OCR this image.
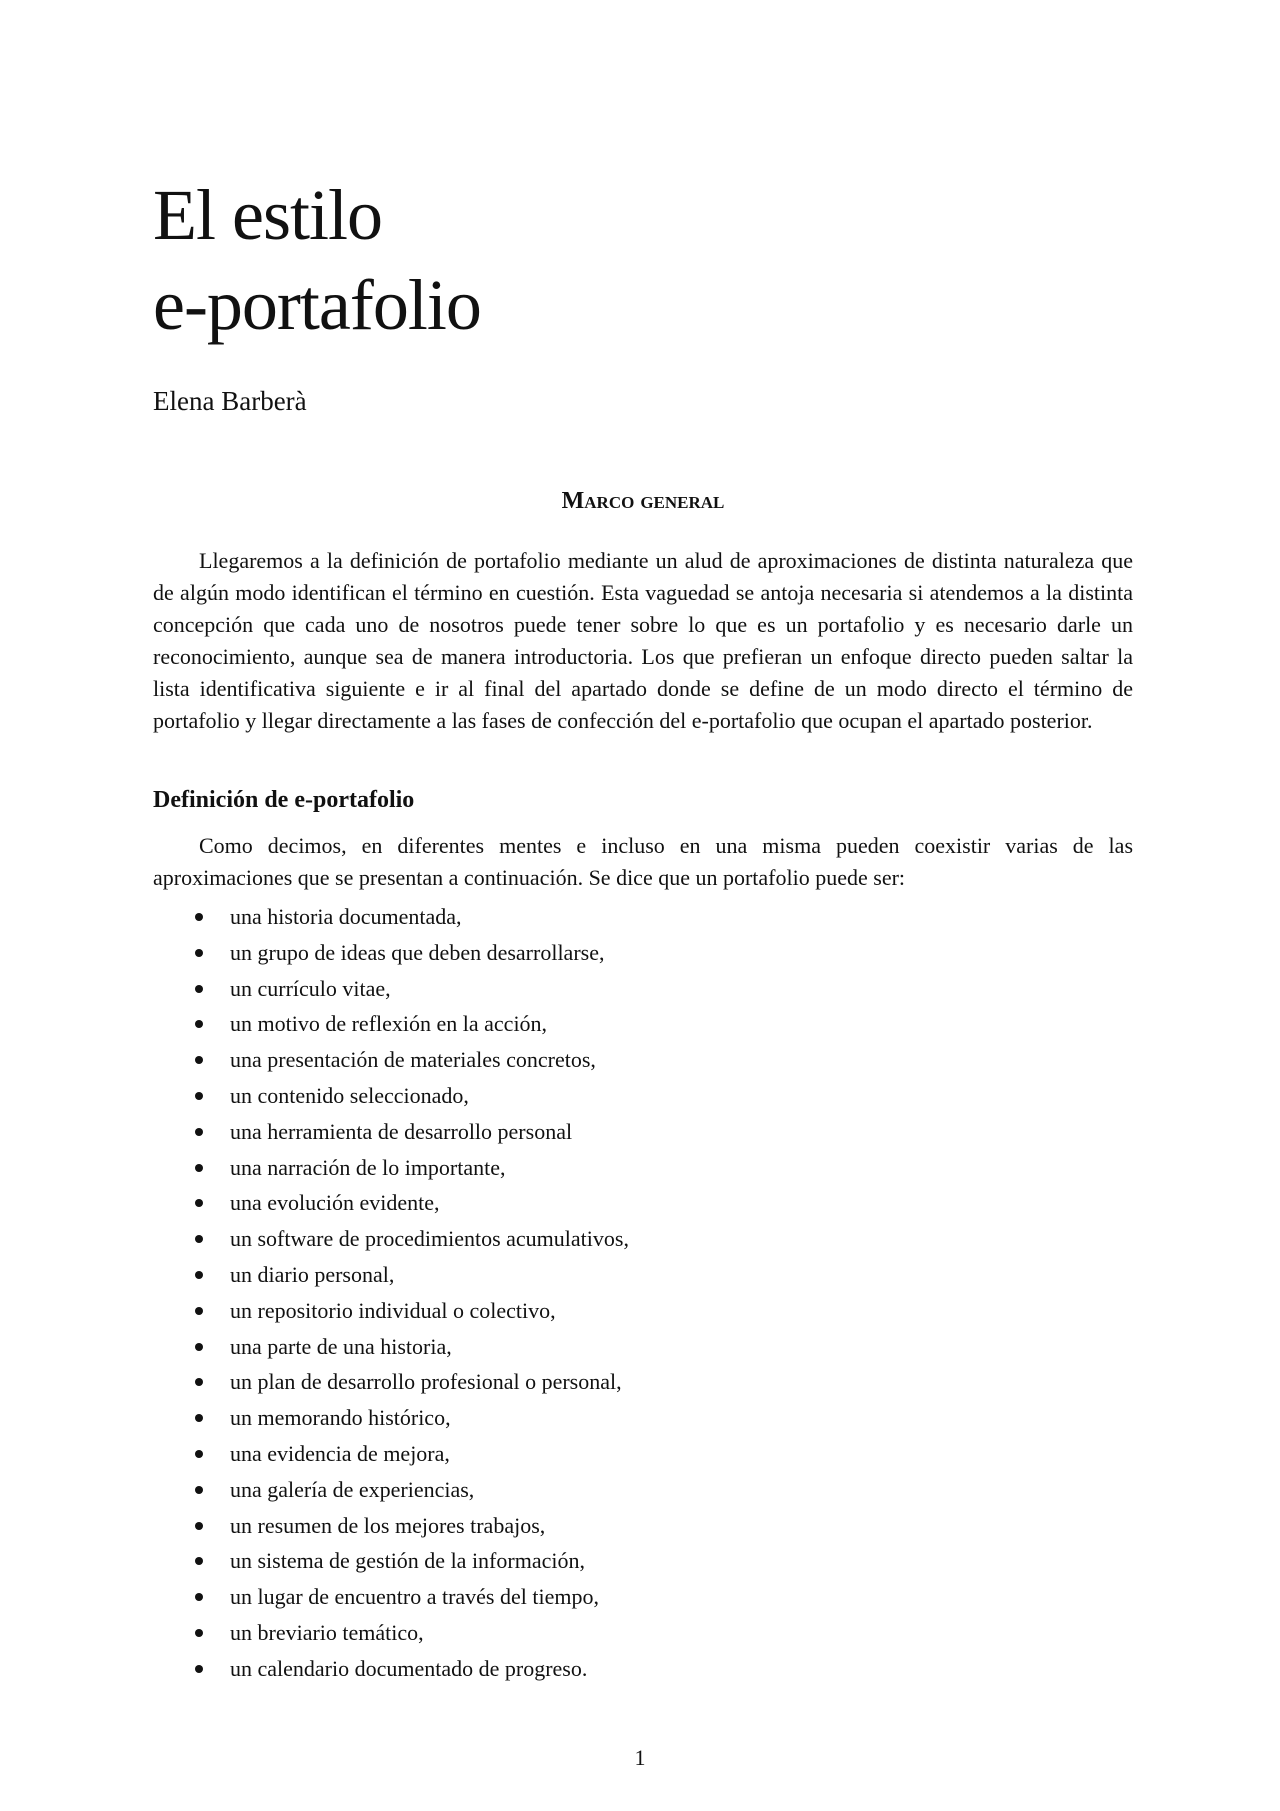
El estilo
e-portafolio

Elena Barberà

Marco general

Llegaremos a la definición de portafolio mediante un alud de aproximaciones de distinta naturaleza que de algún modo identifican el término en cuestión. Esta vaguedad se antoja necesaria si atendemos a la distinta concepción que cada uno de nosotros puede tener sobre lo que es un portafolio y es necesario darle un reconocimiento, aunque sea de manera introductoria. Los que prefieran un enfoque directo pueden saltar la lista identificativa siguiente e ir al final del apartado donde se define de un modo directo el término de portafolio y llegar directamente a las fases de confección del e-portafolio que ocupan el apartado posterior.

Definición de e-portafolio

Como decimos, en diferentes mentes e incluso en una misma pueden coexistir varias de las aproximaciones que se presentan a continuación. Se dice que un portafolio puede ser:

una historia documentada,
un grupo de ideas que deben desarrollarse,
un currículo vitae,
un motivo de reflexión en la acción,
una presentación de materiales concretos,
un contenido seleccionado,
una herramienta de desarrollo personal
una narración de lo importante,
una evolución evidente,
un software de procedimientos acumulativos,
un diario personal,
un repositorio individual o colectivo,
una parte de una historia,
un plan de desarrollo profesional o personal,
un memorando histórico,
una evidencia de mejora,
una galería de experiencias,
un resumen de los mejores trabajos,
un sistema de gestión de la información,
un lugar de encuentro a través del tiempo,
un breviario temático,
un calendario documentado de progreso.

1
